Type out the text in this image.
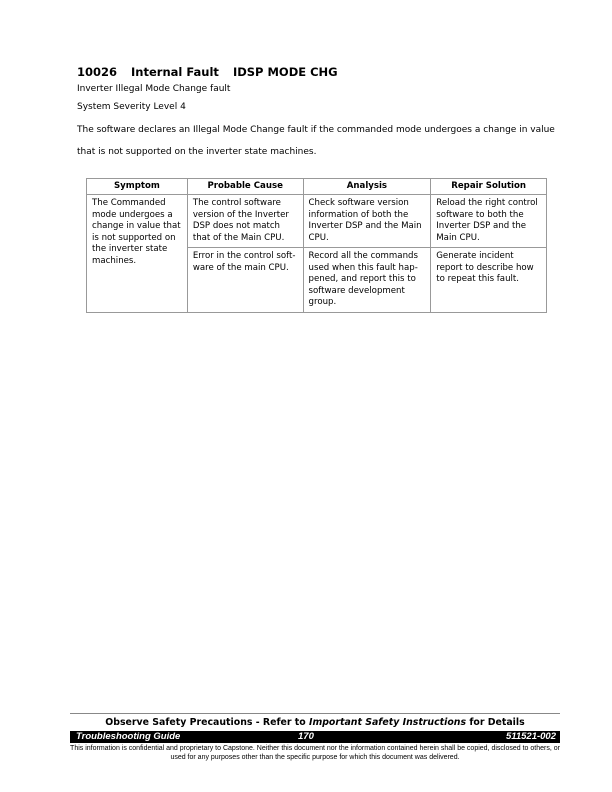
10026 Internal Fault IDSP MODE CHG
Inverter Illegal Mode Change fault
System Severity Level 4
The software declares an Illegal Mode Change fault if the commanded mode undergoes a change in value that is not supported on the inverter state machines.
Symptom	Probable Cause	Analysis	Repair Solution
The Commanded mode undergoes a change in value that is not supported on the inverter state machines.	The control software version of the Inverter DSP does not match that of the Main CPU.	Check software version information of both the Inverter DSP and the Main CPU.	Reload the right control software to both the Inverter DSP and the Main CPU.
	Error in the control soft-ware of the main CPU.	Record all the commands used when this fault hap-pened, and report this to software development group.	Generate incident report to describe how to repeat this fault.
Observe Safety Precautions - Refer to Important Safety Instructions for Details
Troubleshooting Guide	170	511521-002
This information is confidential and proprietary to Capstone. Neither this document nor the information contained herein shall be copied, disclosed to others, or used for any purposes other than the specific purpose for which this document was delivered.
